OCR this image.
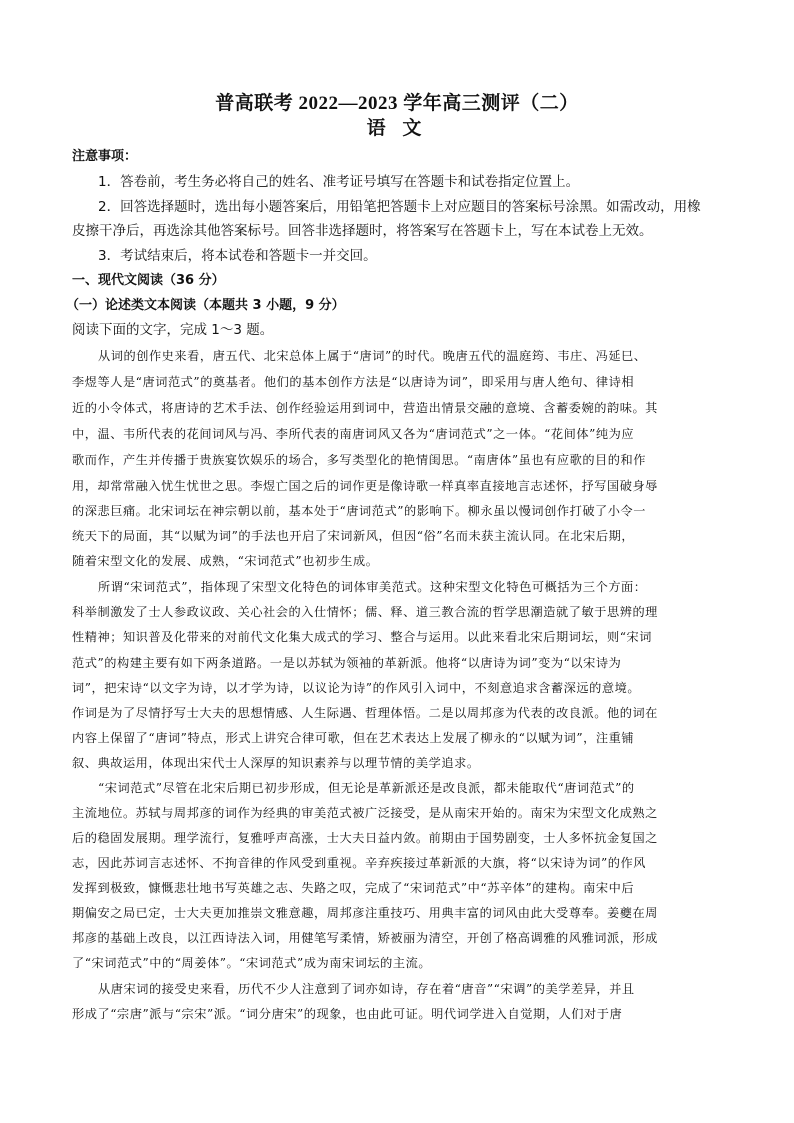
普高联考 2022—2023 学年高三测评（二）
语 文
注意事项：
1．答卷前，考生务必将自己的姓名、准考证号填写在答题卡和试卷指定位置上。
2．回答选择题时，选出每小题答案后，用铅笔把答题卡上对应题目的答案标号涂黑。如需改动，用橡
皮擦干净后，再选涂其他答案标号。回答非选择题时，将答案写在答题卡上，写在本试卷上无效。
3．考试结束后，将本试卷和答题卡一并交回。
一、现代文阅读（36 分）
（一）论述类文本阅读（本题共 3 小题，9 分）
阅读下面的文字，完成 1～3 题。
从词的创作史来看，唐五代、北宋总体上属于“唐词”的时代。晚唐五代的温庭筠、韦庄、冯延巳、
李煜等人是“唐词范式”的奠基者。他们的基本创作方法是“以唐诗为词”，即采用与唐人绝句、律诗相
近的小令体式，将唐诗的艺术手法、创作经验运用到词中，营造出情景交融的意境、含蓄委婉的韵味。其
中，温、韦所代表的花间词风与冯、李所代表的南唐词风又各为“唐词范式”之一体。“花间体”纯为应
歌而作，产生并传播于贵族宴饮娱乐的场合，多写类型化的艳情闺思。“南唐体”虽也有应歌的目的和作
用，却常常融入忧生忧世之思。李煜亡国之后的词作更是像诗歌一样真率直接地言志述怀，抒写国破身辱
的深悲巨痛。北宋词坛在神宗朝以前，基本处于“唐词范式”的影响下。柳永虽以慢词创作打破了小令一
统天下的局面，其“以赋为词”的手法也开启了宋词新风，但因“俗”名而未获主流认同。在北宋后期，
随着宋型文化的发展、成熟，“宋词范式”也初步生成。
所谓“宋词范式”，指体现了宋型文化特色的词体审美范式。这种宋型文化特色可概括为三个方面：
科举制激发了士人参政议政、关心社会的入仕情怀；儒、释、道三教合流的哲学思潮造就了敏于思辨的理
性精神；知识普及化带来的对前代文化集大成式的学习、整合与运用。以此来看北宋后期词坛，则“宋词
范式”的构建主要有如下两条道路。一是以苏轼为领袖的革新派。他将“以唐诗为词”变为“以宋诗为
词”，把宋诗“以文字为诗，以才学为诗，以议论为诗”的作风引入词中，不刻意追求含蓄深远的意境。
作词是为了尽情抒写士大夫的思想情感、人生际遇、哲理体悟。二是以周邦彦为代表的改良派。他的词在
内容上保留了“唐词”特点，形式上讲究合律可歌，但在艺术表达上发展了柳永的“以赋为词”，注重铺
叙、典故运用，体现出宋代士人深厚的知识素养与以理节情的美学追求。
“宋词范式”尽管在北宋后期已初步形成，但无论是革新派还是改良派，都未能取代“唐词范式”的
主流地位。苏轼与周邦彦的词作为经典的审美范式被广泛接受，是从南宋开始的。南宋为宋型文化成熟之
后的稳固发展期。理学流行，复雅呼声高涨，士大夫日益内敛。前期由于国势剧变，士人多怀抗金复国之
志，因此苏词言志述怀、不拘音律的作风受到重视。辛弃疾接过革新派的大旗，将“以宋诗为词”的作风
发挥到极致，慷慨悲壮地书写英雄之志、失路之叹，完成了“宋词范式”中“苏辛体”的建构。南宋中后
期偏安之局已定，士大夫更加推崇文雅意趣，周邦彦注重技巧、用典丰富的词风由此大受尊奉。姜夔在周
邦彦的基础上改良，以江西诗法入词，用健笔写柔情，矫被丽为清空，开创了格高调雅的风雅词派，形成
了“宋词范式”中的“周姜体”。“宋词范式”成为南宋词坛的主流。
从唐宋词的接受史来看，历代不少人注意到了词亦如诗，存在着“唐音”“宋调”的美学差异，并且
形成了“宗唐”派与“宗宋”派。“词分唐宋”的现象，也由此可证。明代词学进入自觉期，人们对于唐
